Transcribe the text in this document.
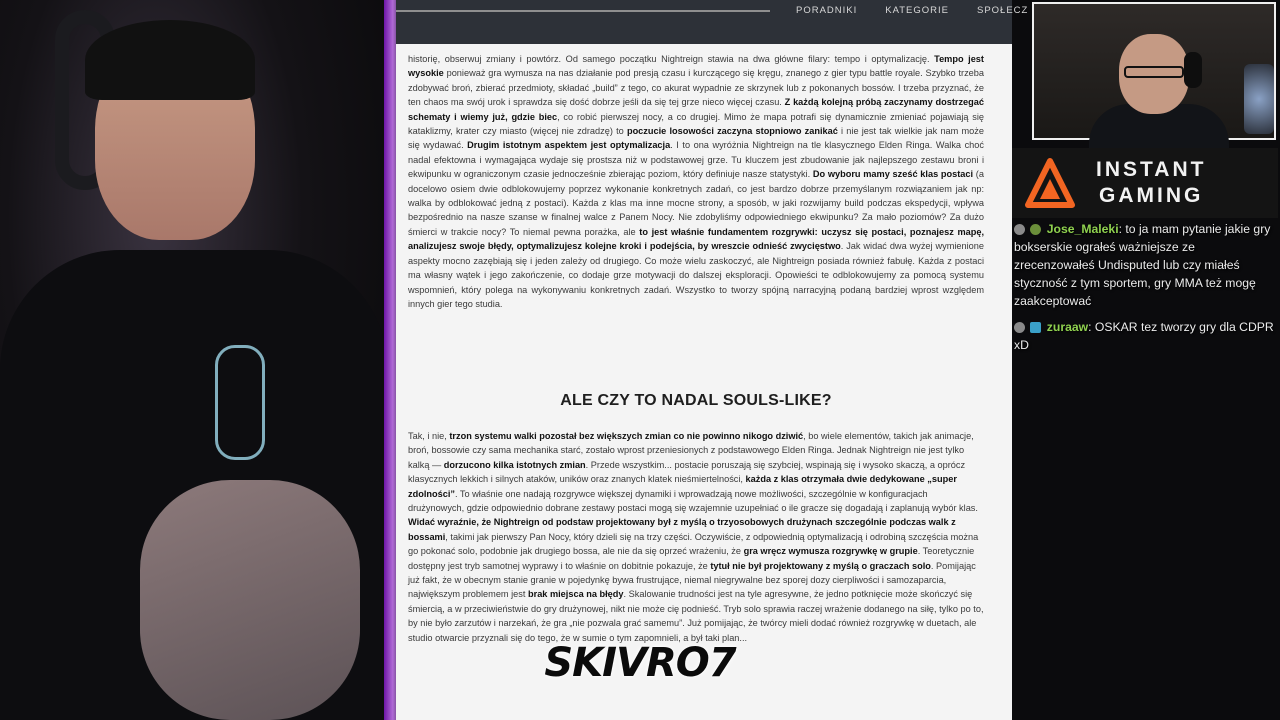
PORADNIKI	KATEGORIE	SPOŁECZ

historię, obserwuj zmiany i powtórz. Od samego początku Nightreign stawia na dwa główne filary: tempo i optymalizację. Tempo jest wysokie ponieważ gra wymusza na nas działanie pod presją czasu i kurczącego się kręgu, znanego z gier typu battle royale. Szybko trzeba zdobywać broń, zbierać przedmioty, składać „build” z tego, co akurat wypadnie ze skrzynek lub z pokonanych bossów. I trzeba przyznać, że ten chaos ma swój urok i sprawdza się dość dobrze jeśli da się tej grze nieco więcej czasu. Z każdą kolejną próbą zaczynamy dostrzegać schematy i wiemy już, gdzie biec, co robić pierwszej nocy, a co drugiej. Mimo że mapa potrafi się dynamicznie zmieniać pojawiają się kataklizmy, krater czy miasto (więcej nie zdradzę) to poczucie losowości zaczyna stopniowo zanikać i nie jest tak wielkie jak nam może się wydawać. Drugim istotnym aspektem jest optymalizacja. I to ona wyróżnia Nightreign na tle klasycznego Elden Ringa. Walka choć nadal efektowna i wymagająca wydaje się prostsza niż w podstawowej grze. Tu kluczem jest zbudowanie jak najlepszego zestawu broni i ekwipunku w ograniczonym czasie jednocześnie zbierając poziom, który definiuje nasze statystyki. Do wyboru mamy sześć klas postaci (a docelowo osiem dwie odblokowujemy poprzez wykonanie konkretnych zadań, co jest bardzo dobrze przemyślanym rozwiązaniem jak np: walka by odblokować jedną z postaci). Każda z klas ma inne mocne strony, a sposób, w jaki rozwijamy build podczas ekspedycji, wpływa bezpośrednio na nasze szanse w finalnej walce z Panem Nocy. Nie zdobyliśmy odpowiedniego ekwipunku? Za mało poziomów? Za dużo śmierci w trakcie nocy? To niemal pewna porażka, ale to jest właśnie fundamentem rozgrywki: uczysz się postaci, poznajesz mapę, analizujesz swoje błędy, optymalizujesz kolejne kroki i podejścia, by wreszcie odnieść zwycięstwo. Jak widać dwa wyżej wymienione aspekty mocno zazębiają się i jeden zależy od drugiego. Co może wielu zaskoczyć, ale Nightreign posiada również fabułę. Każda z postaci ma własny wątek i jego zakończenie, co dodaje grze motywacji do dalszej eksploracji. Opowieści te odblokowujemy za pomocą systemu wspomnień, który polega na wykonywaniu konkretnych zadań. Wszystko to tworzy spójną narracyjną podaną bardziej wprost względem innych gier tego studia.

ALE CZY TO NADAL SOULS-LIKE?

Tak, i nie, trzon systemu walki pozostał bez większych zmian co nie powinno nikogo dziwić, bo wiele elementów, takich jak animacje, broń, bossowie czy sama mechanika starć, zostało wprost przeniesionych z podstawowego Elden Ringa. Jednak Nightreign nie jest tylko kalką — dorzucono kilka istotnych zmian. Przede wszystkim... postacie poruszają się szybciej, wspinają się i wysoko skaczą, a oprócz klasycznych lekkich i silnych ataków, uników oraz znanych klatek nieśmiertelności, każda z klas otrzymała dwie dedykowane „super zdolności”. To właśnie one nadają rozgrywce większej dynamiki i wprowadzają nowe możliwości, szczególnie w konfiguracjach drużynowych, gdzie odpowiednio dobrane zestawy postaci mogą się wzajemnie uzupełniać o ile gracze się dogadają i zaplanują wybór klas. Widać wyraźnie, że Nightreign od podstaw projektowany był z myślą o trzyosobowych drużynach szczególnie podczas walk z bossami, takimi jak pierwszy Pan Nocy, który dzieli się na trzy części. Oczywiście, z odpowiednią optymalizacją i odrobiną szczęścia można go pokonać solo, podobnie jak drugiego bossa, ale nie da się oprzeć wrażeniu, że gra wręcz wymusza rozgrywkę w grupie. Teoretycznie dostępny jest tryb samotnej wyprawy i to właśnie on dobitnie pokazuje, że tytuł nie był projektowany z myślą o graczach solo. Pomijając już fakt, że w obecnym stanie granie w pojedynkę bywa frustrujące, niemal niegrywalne bez sporej dozy cierpliwości i samozaparcia, największym problemem jest brak miejsca na błędy. Skalowanie trudności jest na tyle agresywne, że jedno potknięcie może skończyć się śmiercią, a w przeciwieństwie do gry drużynowej, nikt nie może cię podnieść. Tryb solo sprawia raczej wrażenie dodanego na siłę, tylko po to, by nie było zarzutów i narzekań, że gra „nie pozwala grać samemu”. Już pomijając, że twórcy mieli dodać również rozgrywkę w duetach, ale studio otwarcie przyznali się do tego, że w sumie o tym zapomnieli, a był taki plan...

SKIVRO7
INSTANT
GAMING
Jose_Maleki: to ja mam pytanie jakie gry bokserskie ograłeś ważniejsze ze zrecenzowałeś Undisputed lub czy miałeś styczność z tym sportem, gry MMA też mogę zaakceptować
zuraaw: OSKAR tez tworzy gry dla CDPR xD
